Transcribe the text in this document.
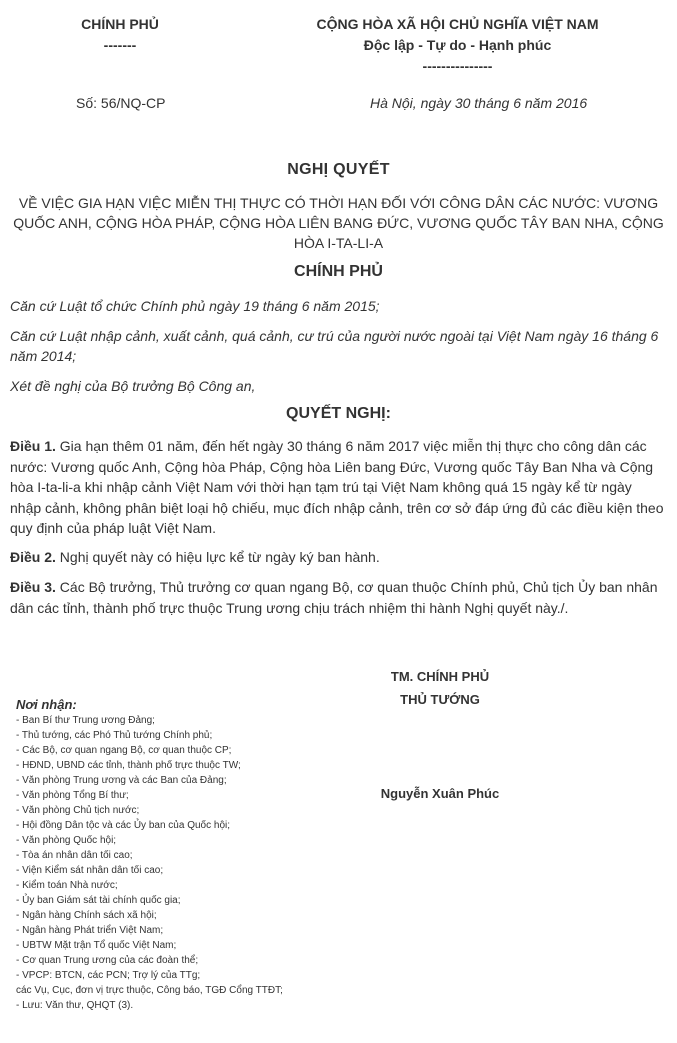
CHÍNH PHỦ
-------
CỘNG HÒA XÃ HỘI CHỦ NGHĨA VIỆT NAM
Độc lập - Tự do - Hạnh phúc
---------------
Số: 56/NQ-CP	Hà Nội, ngày 30 tháng 6 năm 2016
NGHỊ QUYẾT
VỀ VIỆC GIA HẠN VIỆC MIỄN THỊ THỰC CÓ THỜI HẠN ĐỐI VỚI CÔNG DÂN CÁC NƯỚC: VƯƠNG QUỐC ANH, CỘNG HÒA PHÁP, CỘNG HÒA LIÊN BANG ĐỨC, VƯƠNG QUỐC TÂY BAN NHA, CỘNG HÒA I-TA-LI-A
CHÍNH PHỦ
Căn cứ Luật tổ chức Chính phủ ngày 19 tháng 6 năm 2015;
Căn cứ Luật nhập cảnh, xuất cảnh, quá cảnh, cư trú của người nước ngoài tại Việt Nam ngày 16 tháng 6 năm 2014;
Xét đề nghị của Bộ trưởng Bộ Công an,
QUYẾT NGHỊ:
Điều 1. Gia hạn thêm 01 năm, đến hết ngày 30 tháng 6 năm 2017 việc miễn thị thực cho công dân các nước: Vương quốc Anh, Cộng hòa Pháp, Cộng hòa Liên bang Đức, Vương quốc Tây Ban Nha và Cộng hòa I-ta-li-a khi nhập cảnh Việt Nam với thời hạn tạm trú tại Việt Nam không quá 15 ngày kể từ ngày nhập cảnh, không phân biệt loại hộ chiếu, mục đích nhập cảnh, trên cơ sở đáp ứng đủ các điều kiện theo quy định của pháp luật Việt Nam.
Điều 2. Nghị quyết này có hiệu lực kể từ ngày ký ban hành.
Điều 3. Các Bộ trưởng, Thủ trưởng cơ quan ngang Bộ, cơ quan thuộc Chính phủ, Chủ tịch Ủy ban nhân dân các tỉnh, thành phố trực thuộc Trung ương chịu trách nhiệm thi hành Nghị quyết này./.
TM. CHÍNH PHỦ
THỦ TƯỚNG
Nguyễn Xuân Phúc
Nơi nhận:
- Ban Bí thư Trung ương Đảng;
- Thủ tướng, các Phó Thủ tướng Chính phủ;
- Các Bộ, cơ quan ngang Bộ, cơ quan thuộc CP;
- HĐND, UBND các tỉnh, thành phố trực thuộc TW;
- Văn phòng Trung ương và các Ban của Đảng;
- Văn phòng Tổng Bí thư;
- Văn phòng Chủ tịch nước;
- Hội đồng Dân tộc và các Ủy ban của Quốc hội;
- Văn phòng Quốc hội;
- Tòa án nhân dân tối cao;
- Viện Kiểm sát nhân dân tối cao;
- Kiểm toán Nhà nước;
- Ủy ban Giám sát tài chính quốc gia;
- Ngân hàng Chính sách xã hội;
- Ngân hàng Phát triển Việt Nam;
- UBTW Mặt trận Tổ quốc Việt Nam;
- Cơ quan Trung ương của các đoàn thể;
- VPCP: BTCN, các PCN; Trợ lý của TTg;
các Vụ, Cục, đơn vị trực thuộc, Công báo, TGĐ Cổng TTĐT;
- Lưu: Văn thư, QHQT (3).
